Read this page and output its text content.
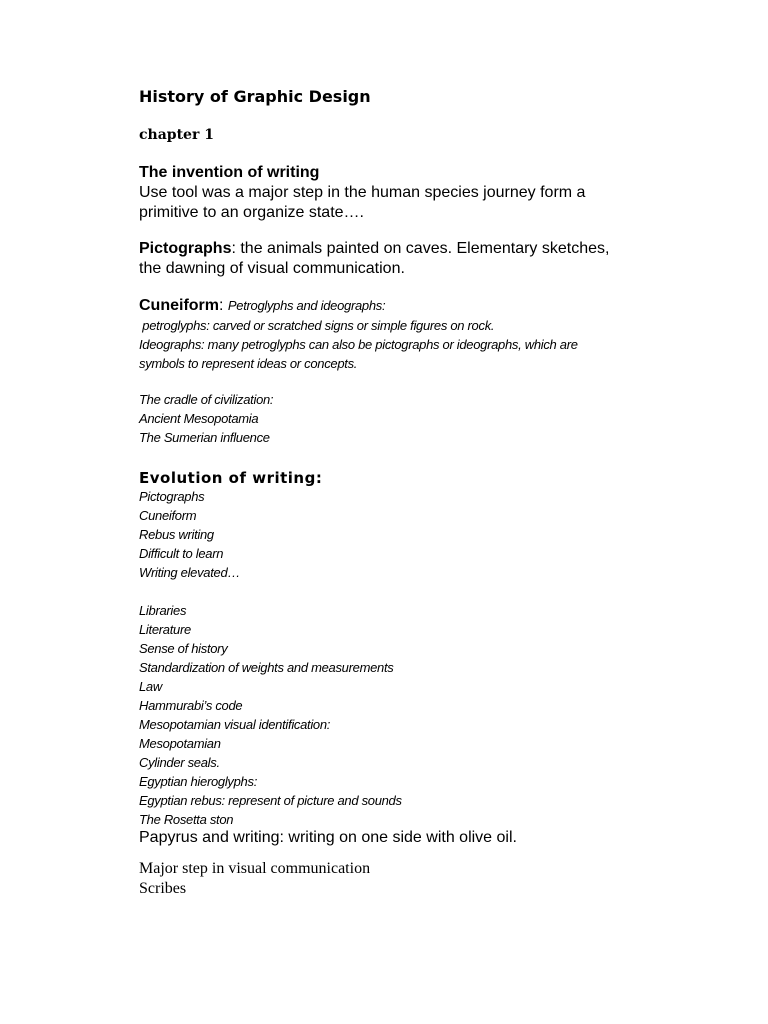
History of Graphic Design
chapter 1
The invention of writing
Use tool was a major step in the human species journey form a
primitive to an organize state….
Pictographs: the animals painted on caves. Elementary sketches,
the dawning of visual communication.
Cuneiform: Petroglyphs and ideographs:
petroglyphs: carved or scratched signs or simple figures on rock.
Ideographs: many petroglyphs can also be pictographs or ideographs, which are
symbols to represent ideas or concepts.
The cradle of civilization:
Ancient Mesopotamia
The Sumerian influence
Evolution of writing:
Pictographs
Cuneiform
Rebus writing
Difficult to learn
Writing elevated…
Libraries
Literature
Sense of history
Standardization of weights and measurements
Law
Hammurabi’s code
Mesopotamian visual identification:
Mesopotamian
Cylinder seals.
Egyptian hieroglyphs:
Egyptian rebus: represent of picture and sounds
The Rosetta ston
Papyrus and writing: writing on one side with olive oil.
Major step in visual communication
Scribes
